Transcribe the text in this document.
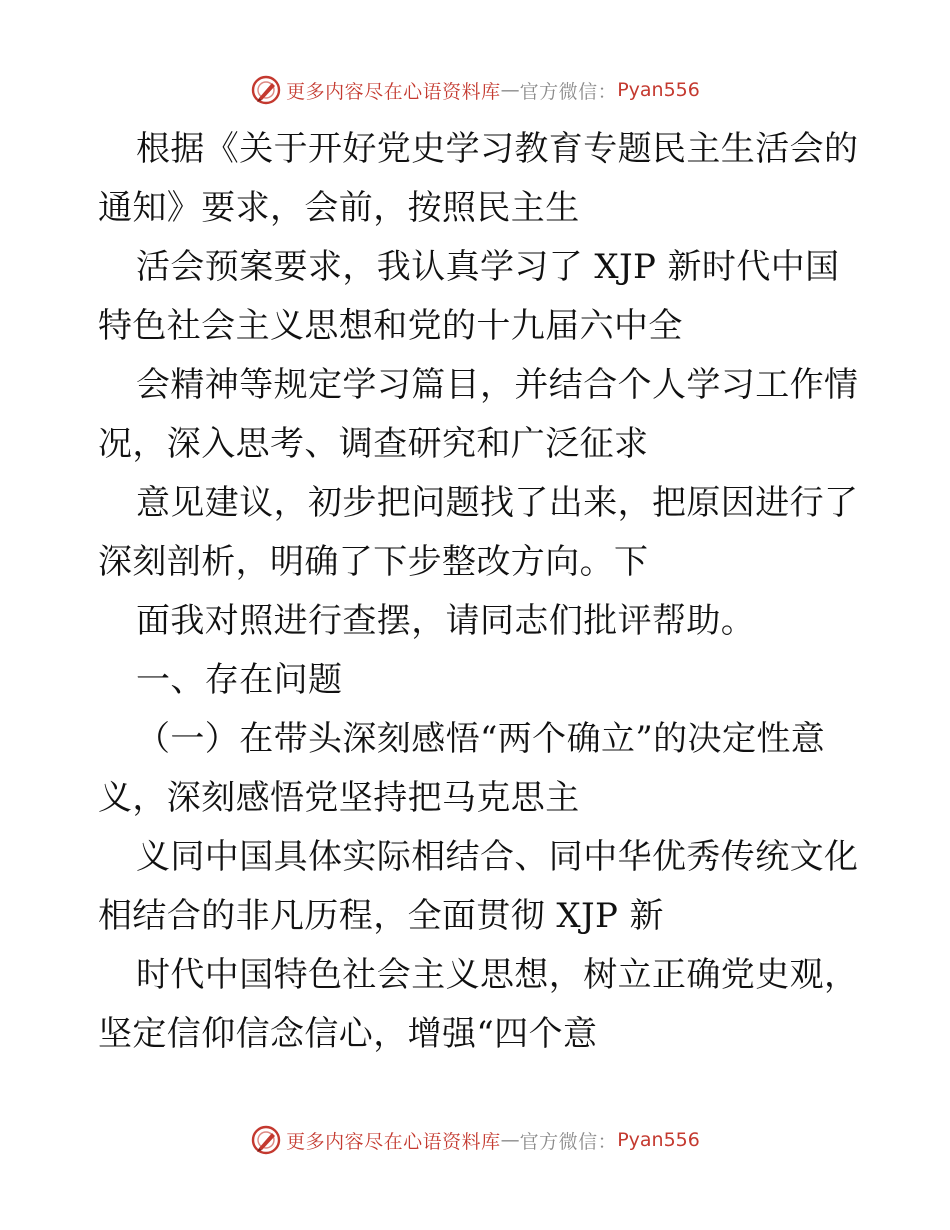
更多内容尽在心语资料库 — 官方微信： Pyan556
根据《关于开好党史学习教育专题民主生活会的
通知》要求，会前，按照民主生
活会预案要求，我认真学习了 XJP 新时代中国
特色社会主义思想和党的十九届六中全
会精神等规定学习篇目，并结合个人学习工作情
况，深入思考、调查研究和广泛征求
意见建议，初步把问题找了出来，把原因进行了
深刻剖析，明确了下步整改方向。下
面我对照进行查摆，请同志们批评帮助。
一、存在问题
（一）在带头深刻感悟“两个确立”的决定性意
义，深刻感悟党坚持把马克思主
义同中国具体实际相结合、同中华优秀传统文化
相结合的非凡历程，全面贯彻 XJP 新
时代中国特色社会主义思想，树立正确党史观，
坚定信仰信念信心，增强“四个意
更多内容尽在心语资料库 — 官方微信： Pyan556
